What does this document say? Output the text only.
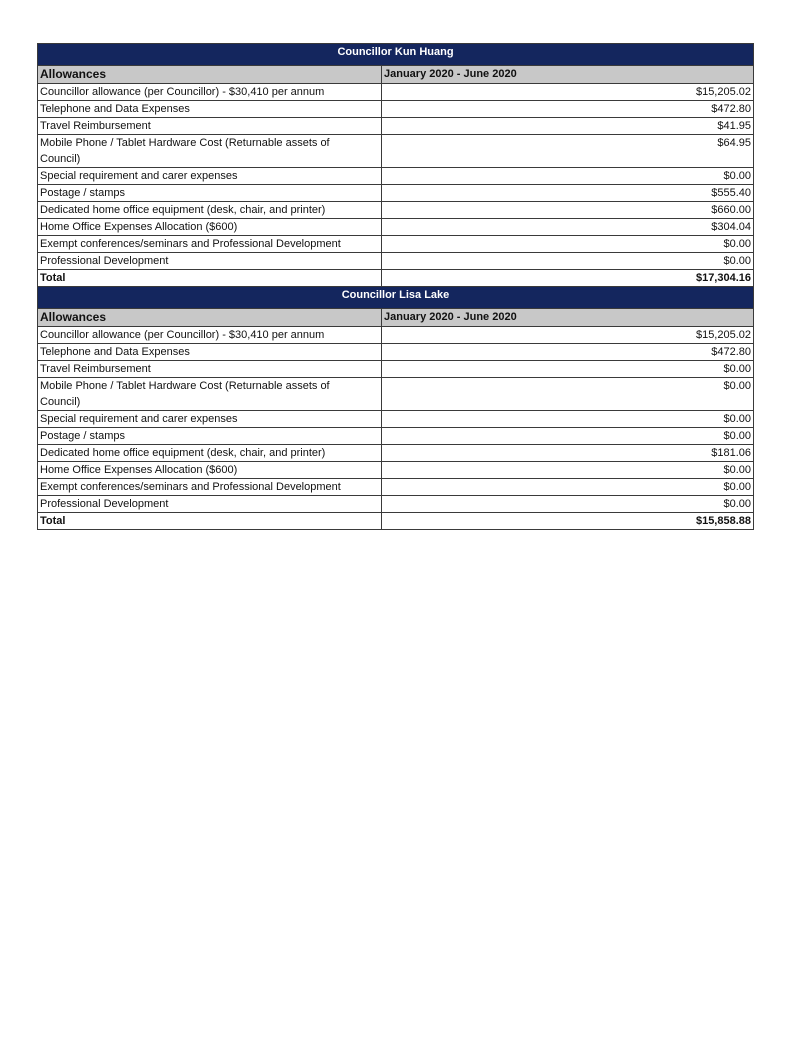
Councillor Kun Huang	
Allowances	January 2020 - June 2020
Councillor allowance (per Councillor) - $30,410 per annum	$15,205.02
Telephone and Data Expenses	$472.80
Travel Reimbursement	$41.95
Mobile Phone / Tablet Hardware Cost (Returnable assets of Council)	$64.95
Special requirement and carer expenses	$0.00
Postage / stamps	$555.40
Dedicated home office equipment (desk, chair, and printer)	$660.00
Home Office Expenses Allocation ($600)	$304.04
Exempt conferences/seminars and Professional Development	$0.00
Professional Development	$0.00
Total	$17,304.16
Councillor Lisa Lake	
Allowances	January 2020 - June 2020
Councillor allowance (per Councillor) - $30,410 per annum	$15,205.02
Telephone and Data Expenses	$472.80
Travel Reimbursement	$0.00
Mobile Phone / Tablet Hardware Cost (Returnable assets of Council)	$0.00
Special requirement and carer expenses	$0.00
Postage / stamps	$0.00
Dedicated home office equipment (desk, chair, and printer)	$181.06
Home Office Expenses Allocation ($600)	$0.00
Exempt conferences/seminars and Professional Development	$0.00
Professional Development	$0.00
Total	$15,858.88
